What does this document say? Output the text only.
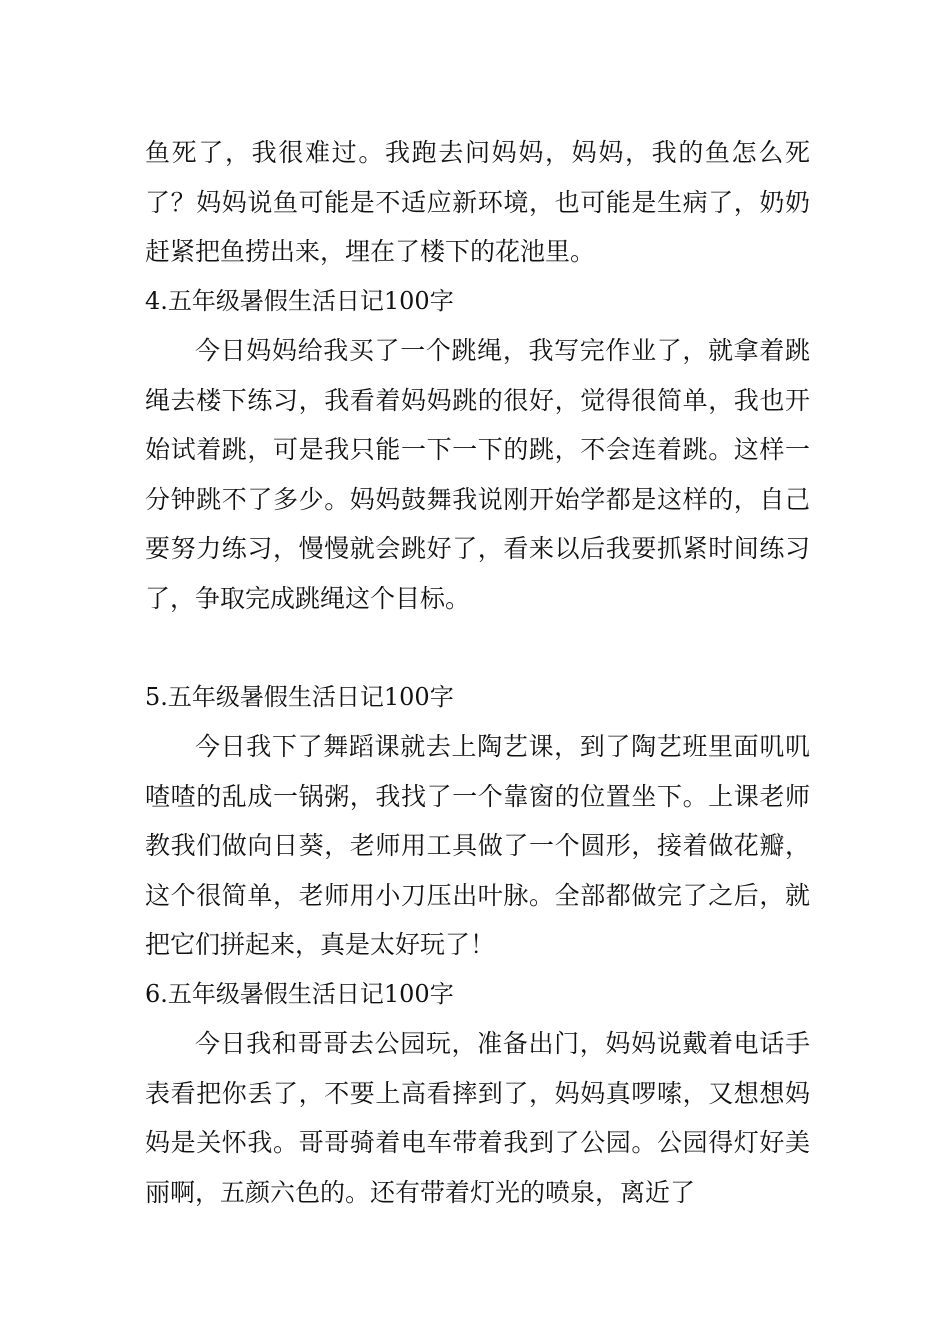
鱼死了，我很难过。我跑去问妈妈，妈妈，我的鱼怎么死了？妈妈说鱼可能是不适应新环境，也可能是生病了，奶奶赶紧把鱼捞出来，埋在了楼下的花池里。

4.五年级暑假生活日记100字

今日妈妈给我买了一个跳绳，我写完作业了，就拿着跳绳去楼下练习，我看着妈妈跳的很好，觉得很简单，我也开始试着跳，可是我只能一下一下的跳，不会连着跳。这样一分钟跳不了多少。妈妈鼓舞我说刚开始学都是这样的，自己要努力练习，慢慢就会跳好了，看来以后我要抓紧时间练习了，争取完成跳绳这个目标。

5.五年级暑假生活日记100字

今日我下了舞蹈课就去上陶艺课，到了陶艺班里面叽叽喳喳的乱成一锅粥，我找了一个靠窗的位置坐下。上课老师教我们做向日葵，老师用工具做了一个圆形，接着做花瓣，这个很简单，老师用小刀压出叶脉。全部都做完了之后，就把它们拼起来，真是太好玩了！

6.五年级暑假生活日记100字

今日我和哥哥去公园玩，准备出门，妈妈说戴着电话手表看把你丢了，不要上高看摔到了，妈妈真啰嗦，又想想妈妈是关怀我。哥哥骑着电车带着我到了公园。公园得灯好美丽啊，五颜六色的。还有带着灯光的喷泉，离近了
